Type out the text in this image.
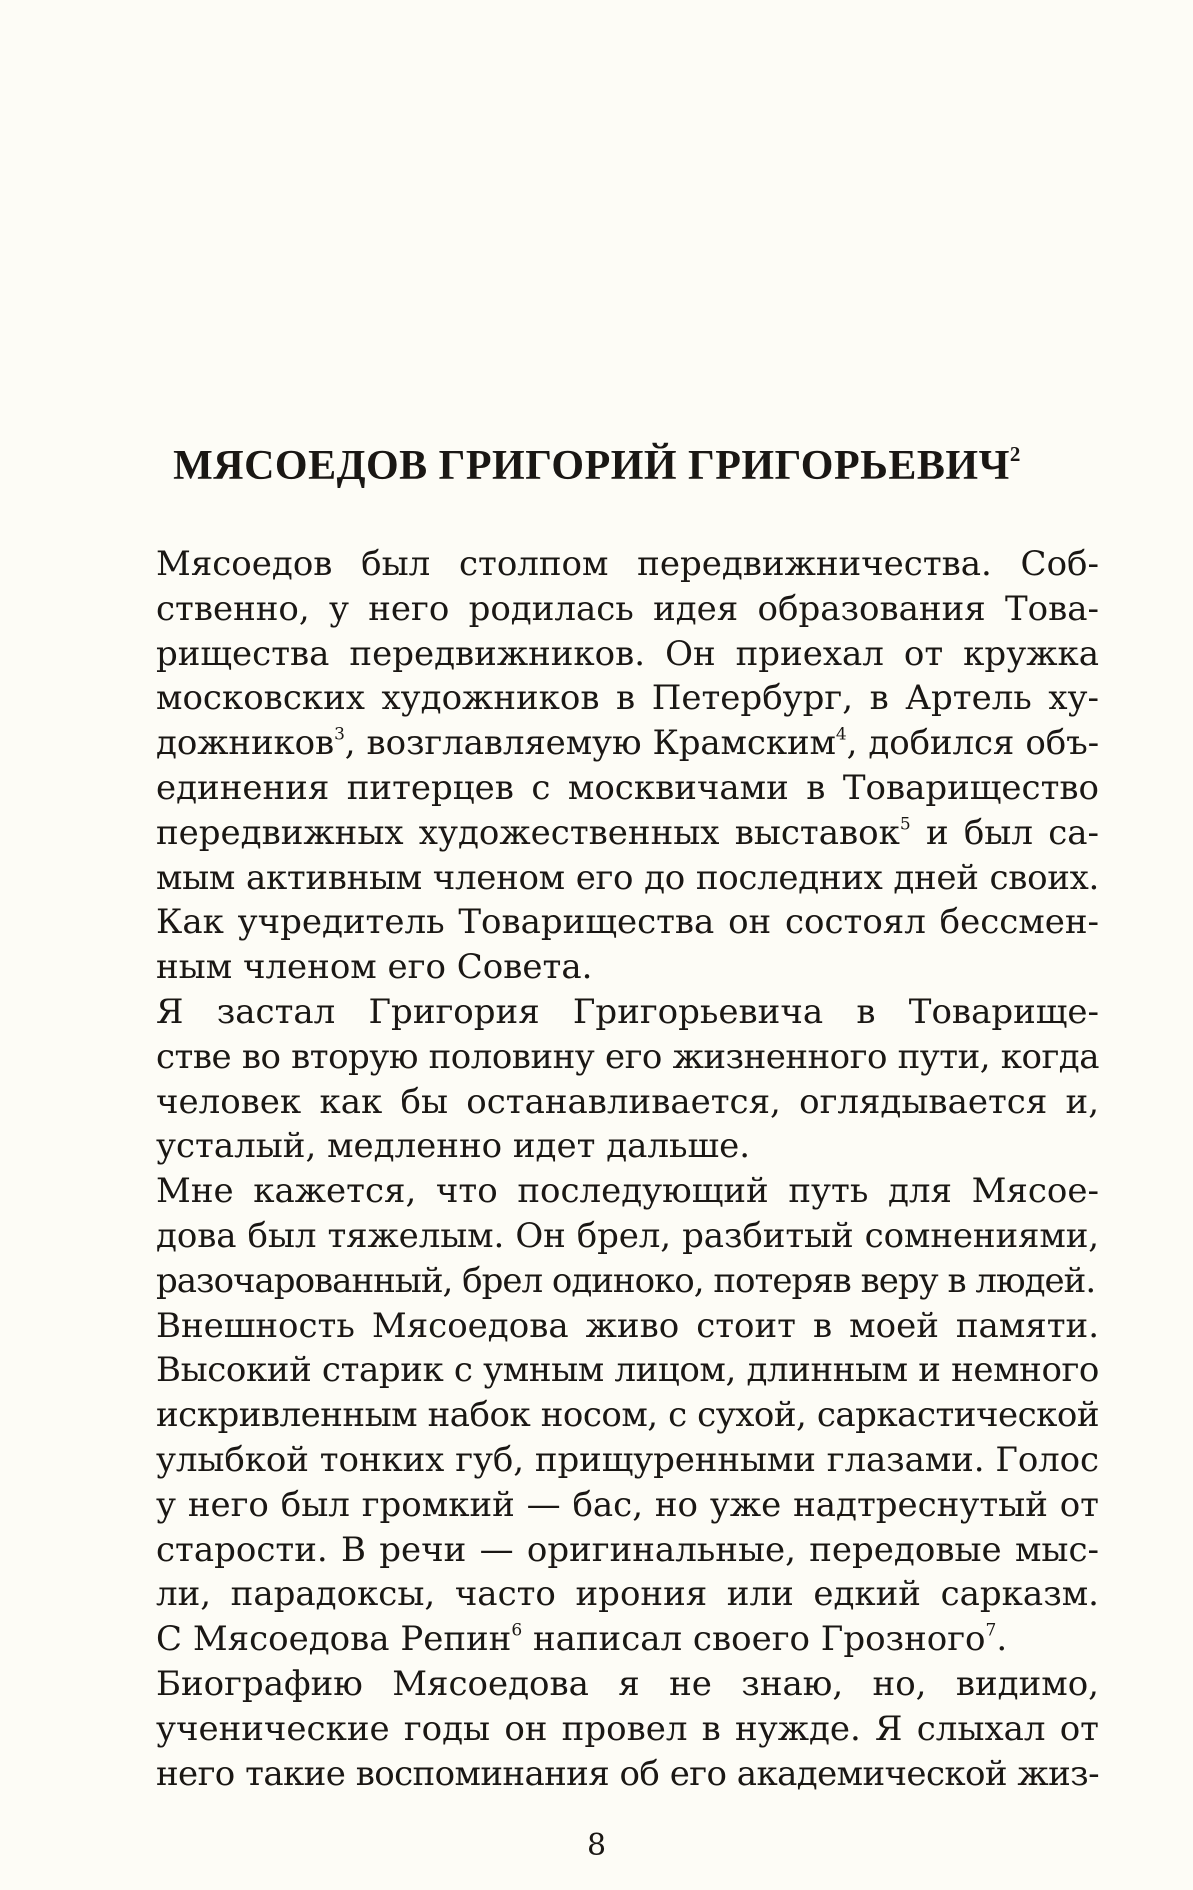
МЯСОЕДОВ ГРИГОРИЙ ГРИГОРЬЕВИЧ$^2$

Мясоедов был столпом передвижничества. Соб-
ственно, у него родилась идея образования Това-
рищества передвижников. Он приехал от кружка
московских художников в Петербург, в Артель ху-
дожников$^3$, возглавляемую Крамским$^4$, добился объ-
единения питерцев с москвичами в Товарищество
передвижных художественных выставок$^5$ и был са-
мым активным членом его до последних дней своих.
Как учредитель Товарищества он состоял бессмен-
ным членом его Совета.

Я застал Григория Григорьевича в Товарище-
стве во вторую половину его жизненного пути, когда
человек как бы останавливается, оглядывается и,
усталый, медленно идет дальше.

Мне кажется, что последующий путь для Мясое-
дова был тяжелым. Он брел, разбитый сомнениями,
разочарованный, брел одиноко, потеряв веру в людей.

Внешность Мясоедова живо стоит в моей памяти.
Высокий старик с умным лицом, длинным и немного
искривленным набок носом, с сухой, саркастической
улыбкой тонких губ, прищуренными глазами. Голос
у него был громкий — бас, но уже надтреснутый от
старости. В речи — оригинальные, передовые мыс-
ли, парадоксы, часто ирония или едкий сарказм.
С Мясоедова Репин$^6$ написал своего Грозного$^7$.

Биографию Мясоедова я не знаю, но, видимо,
ученические годы он провел в нужде. Я слыхал от
него такие воспоминания об его академической жиз-

8
